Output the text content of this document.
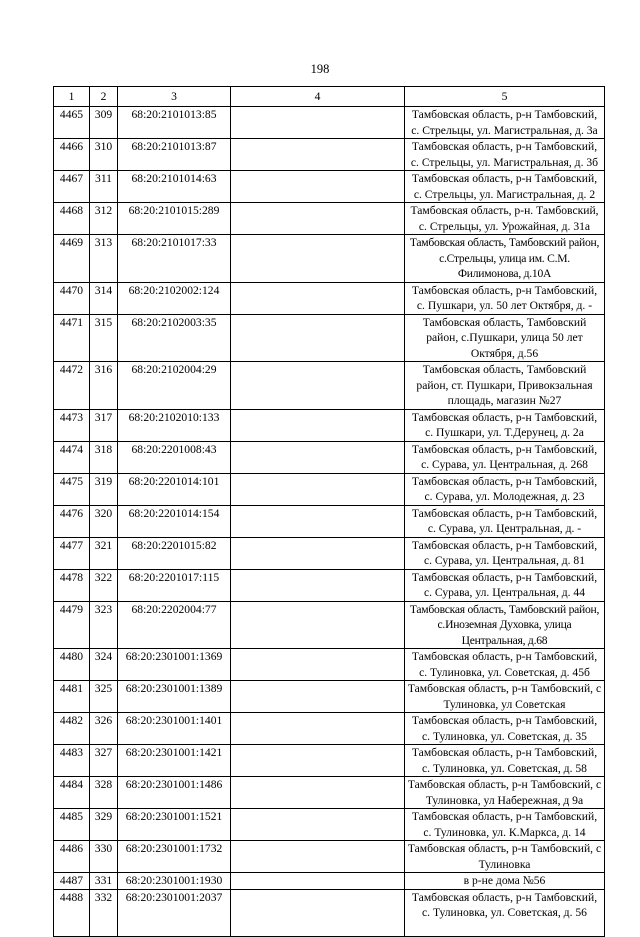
198
1	2	3	4	5
4465	309	68:20:2101013:85		Тамбовская область, р-н Тамбовский, с. Стрельцы, ул. Магистральная, д. 3а
4466	310	68:20:2101013:87		Тамбовская область, р-н Тамбовский, с. Стрельцы, ул. Магистральная, д. 3б
4467	311	68:20:2101014:63		Тамбовская область, р-н Тамбовский, с. Стрельцы, ул. Магистральная, д. 2
4468	312	68:20:2101015:289		Тамбовская область, р-н. Тамбовский, с. Стрельцы, ул. Урожайная, д. 31а
4469	313	68:20:2101017:33		Тамбовская область, Тамбовский район, с.Стрельцы, улица им. С.М. Филимонова, д.10А
4470	314	68:20:2102002:124		Тамбовская область, р-н Тамбовский, с. Пушкари, ул. 50 лет Октября, д. -
4471	315	68:20:2102003:35		Тамбовская область, Тамбовский район, с.Пушкари, улица 50 лет Октября, д.56
4472	316	68:20:2102004:29		Тамбовская область, Тамбовский район, ст. Пушкари, Привокзальная площадь, магазин №27
4473	317	68:20:2102010:133		Тамбовская область, р-н Тамбовский, с. Пушкари, ул. Т.Дерунец, д. 2а
4474	318	68:20:2201008:43		Тамбовская область, р-н Тамбовский, с. Сурава, ул. Центральная, д. 268
4475	319	68:20:2201014:101		Тамбовская область, р-н Тамбовский, с. Сурава, ул. Молодежная, д. 23
4476	320	68:20:2201014:154		Тамбовская область, р-н Тамбовский, с. Сурава, ул. Центральная, д. -
4477	321	68:20:2201015:82		Тамбовская область, р-н Тамбовский, с. Сурава, ул. Центральная, д. 81
4478	322	68:20:2201017:115		Тамбовская область, р-н Тамбовский, с. Сурава, ул. Центральная, д. 44
4479	323	68:20:2202004:77		Тамбовская область, Тамбовский район, с.Иноземная Духовка, улица Центральная, д.68
4480	324	68:20:2301001:1369		Тамбовская область, р-н Тамбовский, с. Тулиновка, ул. Советская, д. 45б
4481	325	68:20:2301001:1389		Тамбовская область, р-н Тамбовский, с Тулиновка, ул Советская
4482	326	68:20:2301001:1401		Тамбовская область, р-н Тамбовский, с. Тулиновка, ул. Советская, д. 35
4483	327	68:20:2301001:1421		Тамбовская область, р-н Тамбовский, с. Тулиновка, ул. Советская, д. 58
4484	328	68:20:2301001:1486		Тамбовская область, р-н Тамбовский, с Тулиновка, ул Набережная, д 9а
4485	329	68:20:2301001:1521		Тамбовская область, р-н Тамбовский, с. Тулиновка, ул. К.Маркса, д. 14
4486	330	68:20:2301001:1732		Тамбовская область, р-н Тамбовский, с Тулиновка
4487	331	68:20:2301001:1930		в р-не дома №56
4488	332	68:20:2301001:2037		Тамбовская область, р-н Тамбовский, с. Тулиновка, ул. Советская, д. 56
